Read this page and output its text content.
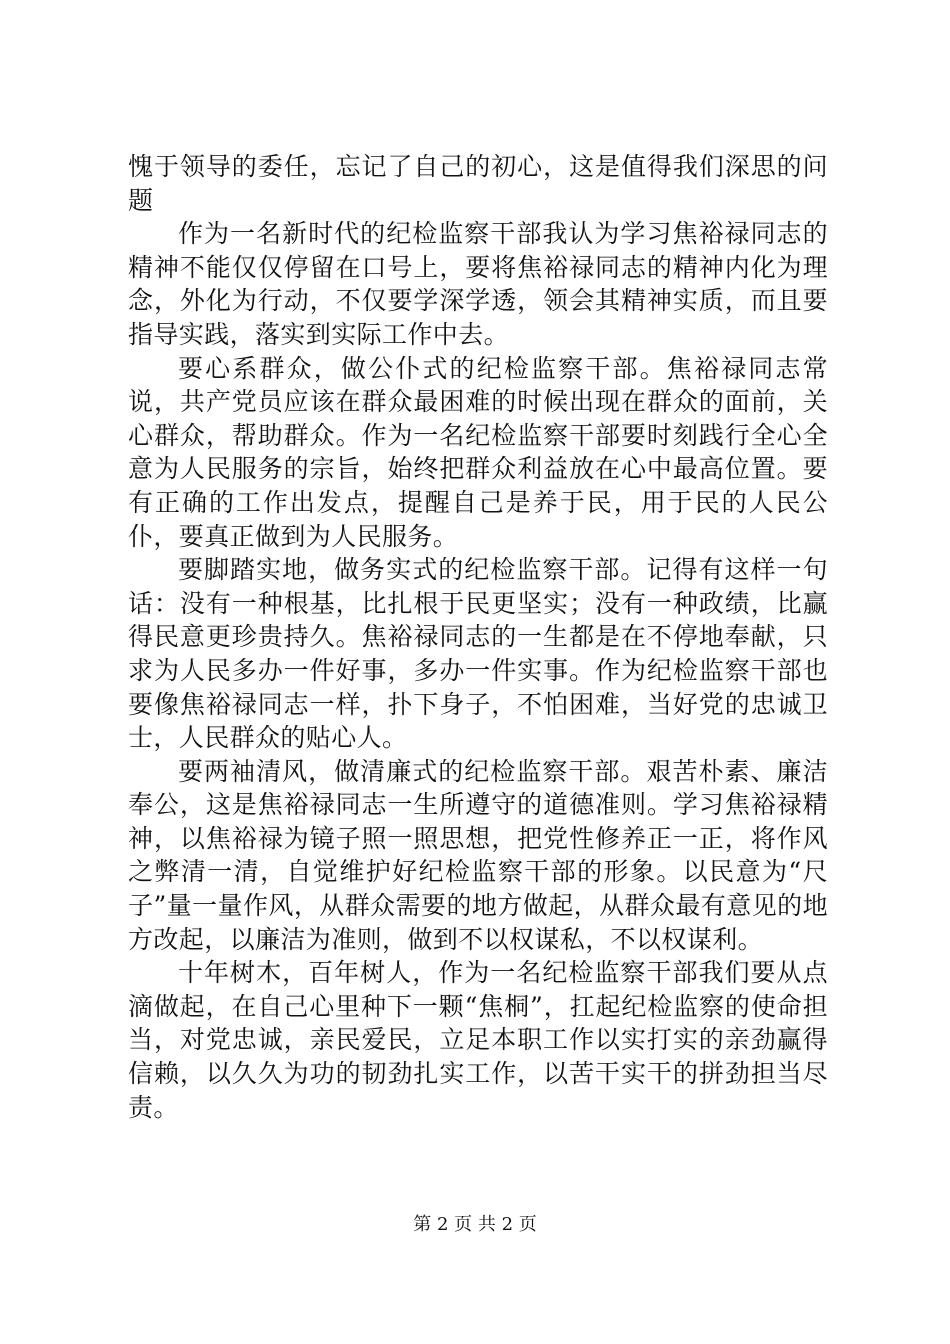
愧于领导的委任，忘记了自己的初心，这是值得我们深思的问题

作为一名新时代的纪检监察干部我认为学习焦裕禄同志的精神不能仅仅停留在口号上，要将焦裕禄同志的精神内化为理念，外化为行动，不仅要学深学透，领会其精神实质，而且要指导实践，落实到实际工作中去。

要心系群众，做公仆式的纪检监察干部。焦裕禄同志常说，共产党员应该在群众最困难的时候出现在群众的面前，关心群众，帮助群众。作为一名纪检监察干部要时刻践行全心全意为人民服务的宗旨，始终把群众利益放在心中最高位置。要有正确的工作出发点，提醒自己是养于民，用于民的人民公仆，要真正做到为人民服务。

要脚踏实地，做务实式的纪检监察干部。记得有这样一句话：没有一种根基，比扎根于民更坚实；没有一种政绩，比赢得民意更珍贵持久。焦裕禄同志的一生都是在不停地奉献，只求为人民多办一件好事，多办一件实事。作为纪检监察干部也要像焦裕禄同志一样，扑下身子，不怕困难，当好党的忠诚卫士，人民群众的贴心人。

要两袖清风，做清廉式的纪检监察干部。艰苦朴素、廉洁奉公，这是焦裕禄同志一生所遵守的道德准则。学习焦裕禄精神，以焦裕禄为镜子照一照思想，把党性修养正一正，将作风之弊清一清，自觉维护好纪检监察干部的形象。以民意为“尺子”量一量作风，从群众需要的地方做起，从群众最有意见的地方改起，以廉洁为准则，做到不以权谋私，不以权谋利。

十年树木，百年树人，作为一名纪检监察干部我们要从点滴做起，在自己心里种下一颗“焦桐”，扛起纪检监察的使命担当，对党忠诚，亲民爱民，立足本职工作以实打实的亲劲赢得信赖，以久久为功的韧劲扎实工作，以苦干实干的拼劲担当尽责。

第 2 页 共 2 页
